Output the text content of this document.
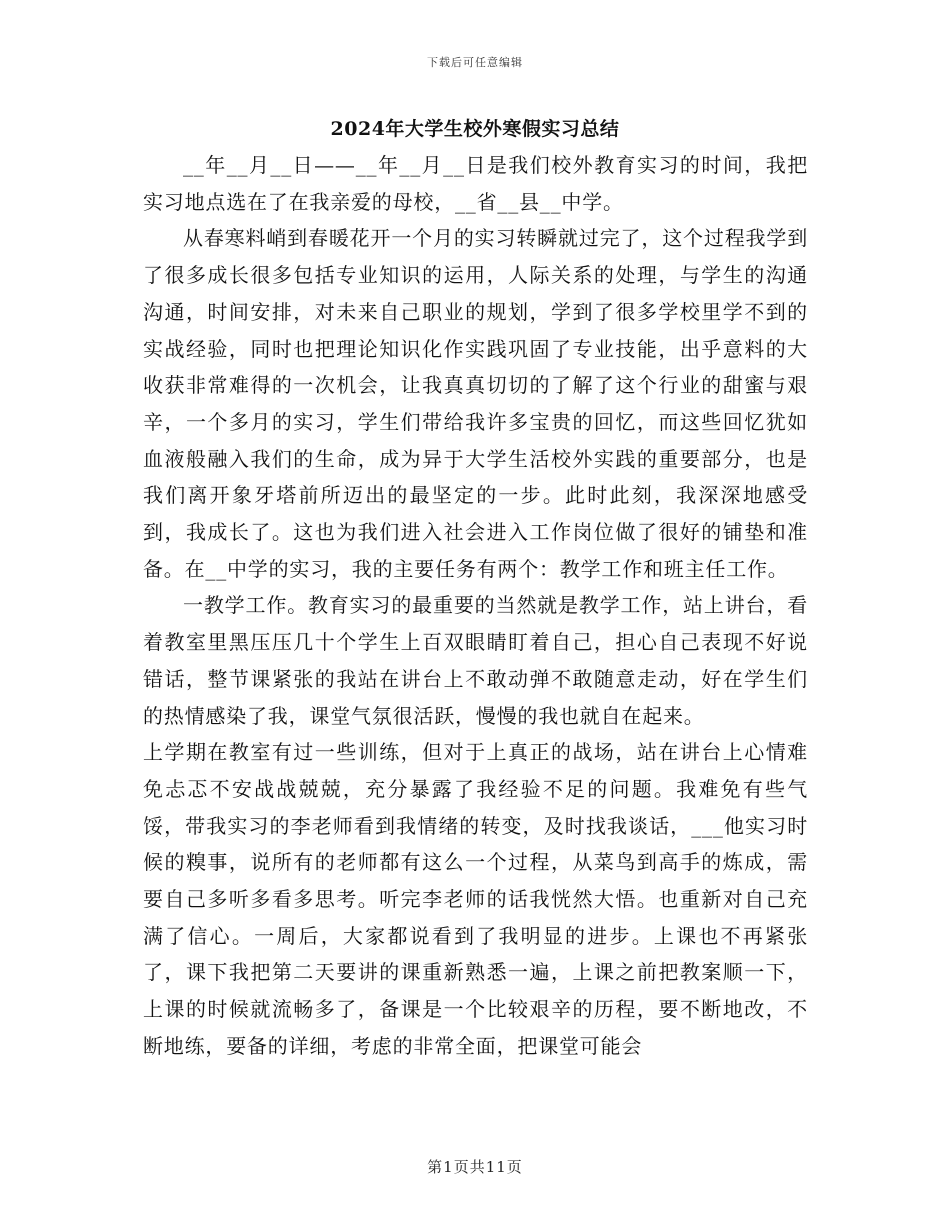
下载后可任意编辑
2024年大学生校外寒假实习总结

__年__月__日——__年__月__日是我们校外教育实习的时间，我把实习地点选在了在我亲爱的母校，__省__县__中学。

从春寒料峭到春暖花开一个月的实习转瞬就过完了，这个过程我学到了很多成长很多包括专业知识的运用，人际关系的处理，与学生的沟通沟通，时间安排，对未来自己职业的规划，学到了很多学校里学不到的实战经验，同时也把理论知识化作实践巩固了专业技能，出乎意料的大收获非常难得的一次机会，让我真真切切的了解了这个行业的甜蜜与艰辛，一个多月的实习，学生们带给我许多宝贵的回忆，而这些回忆犹如血液般融入我们的生命，成为异于大学生活校外实践的重要部分，也是我们离开象牙塔前所迈出的最坚定的一步。此时此刻，我深深地感受到，我成长了。这也为我们进入社会进入工作岗位做了很好的铺垫和准备。在__中学的实习，我的主要任务有两个：教学工作和班主任工作。

一教学工作。教育实习的最重要的当然就是教学工作，站上讲台，看着教室里黑压压几十个学生上百双眼睛盯着自己，担心自己表现不好说错话，整节课紧张的我站在讲台上不敢动弹不敢随意走动，好在学生们的热情感染了我，课堂气氛很活跃，慢慢的我也就自在起来。

上学期在教室有过一些训练，但对于上真正的战场，站在讲台上心情难免忐忑不安战战兢兢，充分暴露了我经验不足的问题。我难免有些气馁，带我实习的李老师看到我情绪的转变，及时找我谈话，___他实习时候的糗事，说所有的老师都有这么一个过程，从菜鸟到高手的炼成，需要自己多听多看多思考。听完李老师的话我恍然大悟。也重新对自己充满了信心。一周后，大家都说看到了我明显的进步。上课也不再紧张了，课下我把第二天要讲的课重新熟悉一遍，上课之前把教案顺一下，上课的时候就流畅多了，备课是一个比较艰辛的历程，要不断地改，不断地练，要备的详细，考虑的非常全面，把课堂可能会

第1页共11页
